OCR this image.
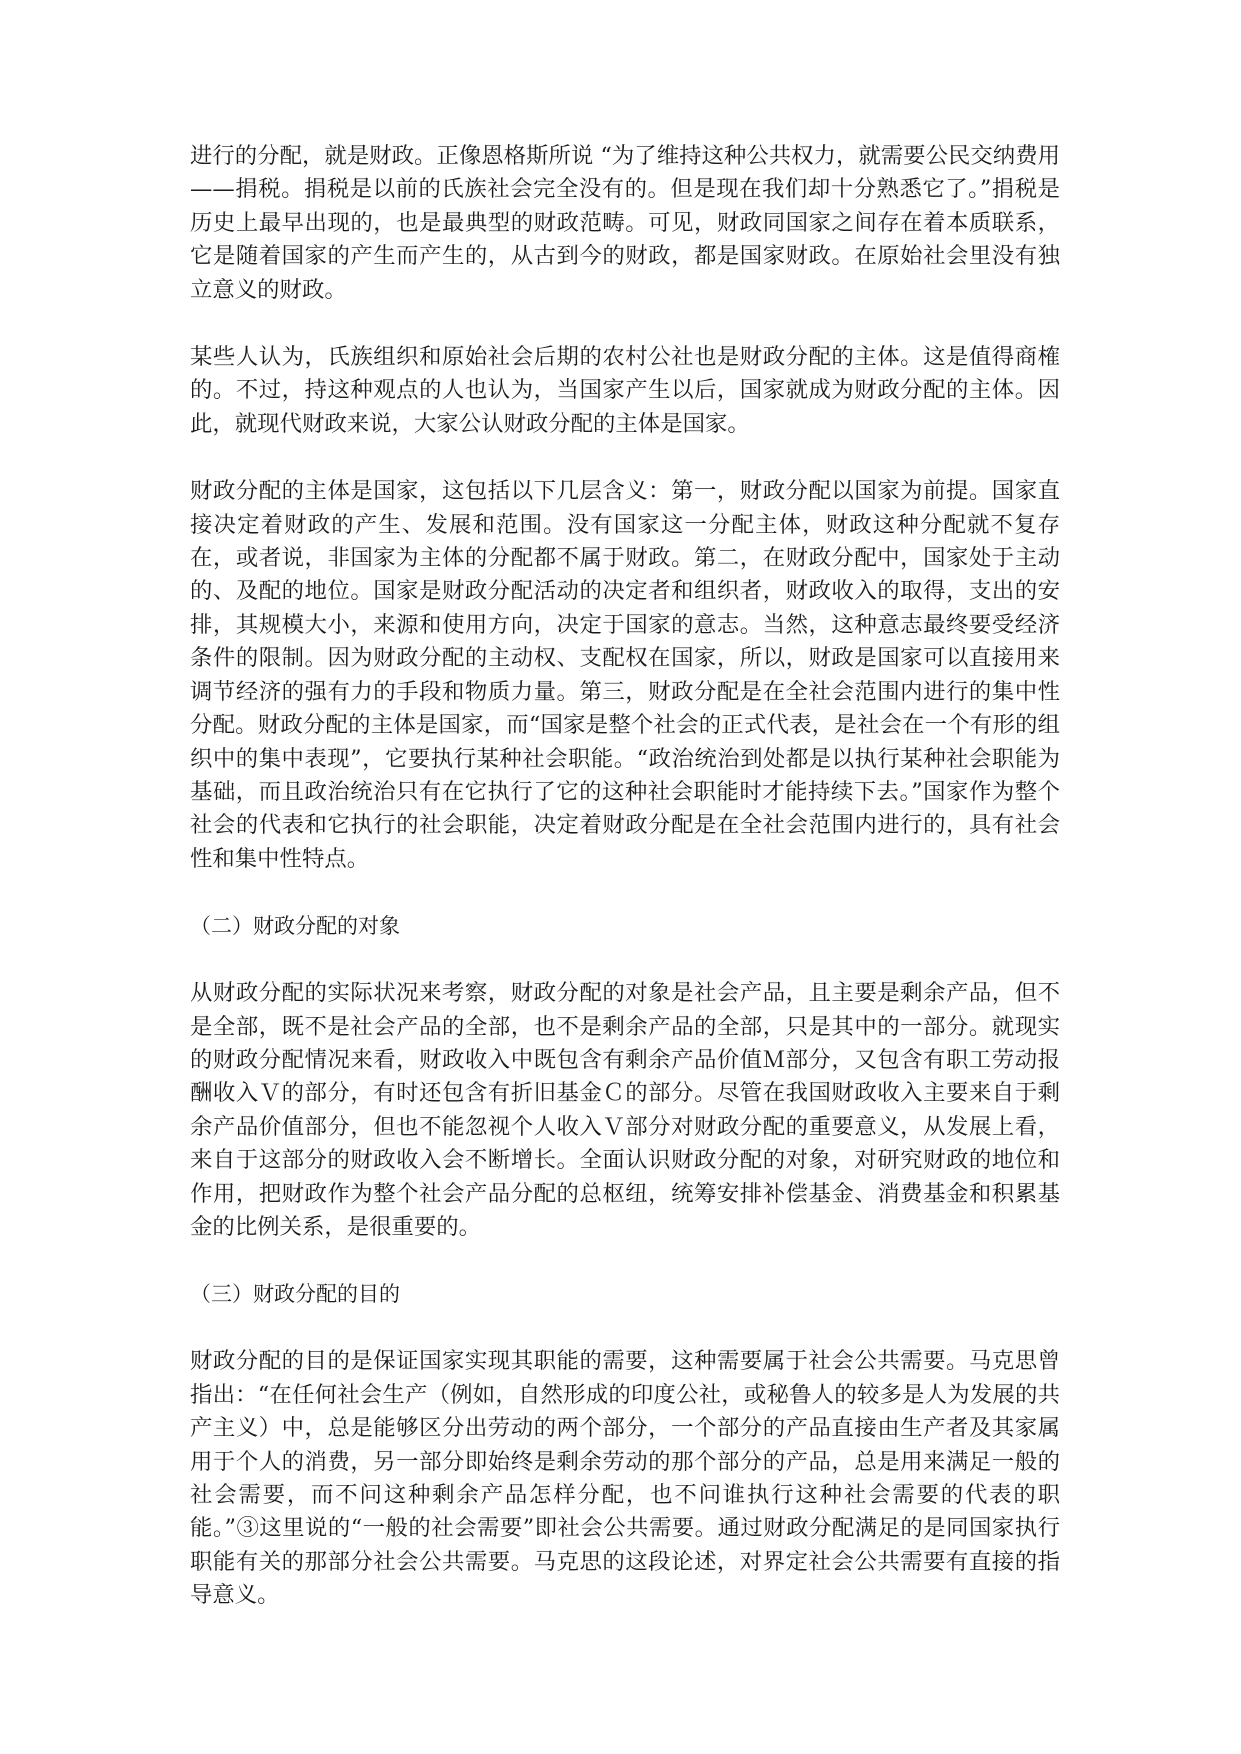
进行的分配，就是财政。正像恩格斯所说 “为了维持这种公共权力，就需要公民交纳费用——捐税。捐税是以前的氏族社会完全没有的。但是现在我们却十分熟悉它了。”捐税是历史上最早出现的，也是最典型的财政范畴。可见，财政同国家之间存在着本质联系，它是随着国家的产生而产生的，从古到今的财政，都是国家财政。在原始社会里没有独立意义的财政。

某些人认为，氏族组织和原始社会后期的农村公社也是财政分配的主体。这是值得商榷的。不过，持这种观点的人也认为，当国家产生以后，国家就成为财政分配的主体。因此，就现代财政来说，大家公认财政分配的主体是国家。

财政分配的主体是国家，这包括以下几层含义：第一，财政分配以国家为前提。国家直接决定着财政的产生、发展和范围。没有国家这一分配主体，财政这种分配就不复存在，或者说，非国家为主体的分配都不属于财政。第二，在财政分配中，国家处于主动的、及配的地位。国家是财政分配活动的决定者和组织者，财政收入的取得，支出的安排，其规模大小，来源和使用方向，决定于国家的意志。当然，这种意志最终要受经济条件的限制。因为财政分配的主动权、支配权在国家，所以，财政是国家可以直接用来调节经济的强有力的手段和物质力量。第三，财政分配是在全社会范围内进行的集中性分配。财政分配的主体是国家，而“国家是整个社会的正式代表，是社会在一个有形的组织中的集中表现”，它要执行某种社会职能。“政治统治到处都是以执行某种社会职能为基础，而且政治统治只有在它执行了它的这种社会职能时才能持续下去。”国家作为整个社会的代表和它执行的社会职能，决定着财政分配是在全社会范围内进行的，具有社会性和集中性特点。

（二）财政分配的对象

从财政分配的实际状况来考察，财政分配的对象是社会产品，且主要是剩余产品，但不是全部，既不是社会产品的全部，也不是剩余产品的全部，只是其中的一部分。就现实的财政分配情况来看，财政收入中既包含有剩余产品价值Ｍ部分，又包含有职工劳动报酬收入Ｖ的部分，有时还包含有折旧基金Ｃ的部分。尽管在我国财政收入主要来自于剩余产品价值部分，但也不能忽视个人收入Ｖ部分对财政分配的重要意义，从发展上看，来自于这部分的财政收入会不断增长。全面认识财政分配的对象，对研究财政的地位和作用，把财政作为整个社会产品分配的总枢纽，统筹安排补偿基金、消费基金和积累基金的比例关系，是很重要的。

（三）财政分配的目的

财政分配的目的是保证国家实现其职能的需要，这种需要属于社会公共需要。马克思曾指出：“在任何社会生产（例如，自然形成的印度公社，或秘鲁人的较多是人为发展的共产主义）中，总是能够区分出劳动的两个部分，一个部分的产品直接由生产者及其家属用于个人的消费，另一部分即始终是剩余劳动的那个部分的产品，总是用来满足一般的社会需要，而不问这种剩余产品怎样分配，也不问谁执行这种社会需要的代表的职能。”③这里说的“一般的社会需要”即社会公共需要。通过财政分配满足的是同国家执行职能有关的那部分社会公共需要。马克思的这段论述，对界定社会公共需要有直接的指导意义。
